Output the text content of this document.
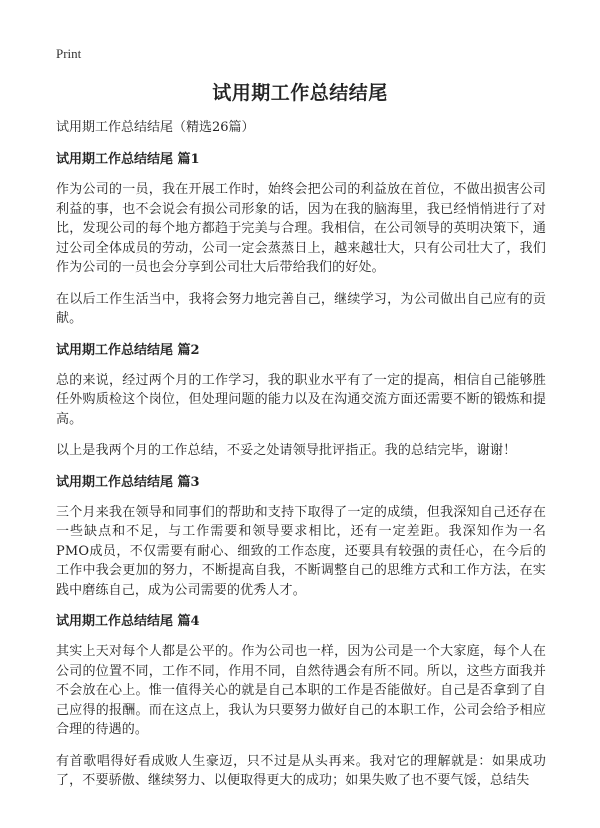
Print
试用期工作总结结尾

试用期工作总结结尾（精选26篇）

试用期工作总结结尾 篇1

作为公司的一员，我在开展工作时，始终会把公司的利益放在首位，不做出损害公司利益的事，也不会说会有损公司形象的话，因为在我的脑海里，我已经悄悄进行了对比，发现公司的每个地方都趋于完美与合理。我相信，在公司领导的英明决策下，通过公司全体成员的劳动，公司一定会蒸蒸日上，越来越壮大，只有公司壮大了，我们作为公司的一员也会分享到公司壮大后带给我们的好处。

在以后工作生活当中，我将会努力地完善自己，继续学习，为公司做出自己应有的贡献。

试用期工作总结结尾 篇2

总的来说，经过两个月的工作学习，我的职业水平有了一定的提高，相信自己能够胜任外购质检这个岗位，但处理问题的能力以及在沟通交流方面还需要不断的锻炼和提高。

以上是我两个月的工作总结，不妥之处请领导批评指正。我的总结完毕，谢谢！

试用期工作总结结尾 篇3

三个月来我在领导和同事们的帮助和支持下取得了一定的成绩，但我深知自己还存在一些缺点和不足，与工作需要和领导要求相比，还有一定差距。我深知作为一名PMO成员，不仅需要有耐心、细致的工作态度，还要具有较强的责任心，在今后的工作中我会更加的努力，不断提高自我，不断调整自己的思维方式和工作方法，在实践中磨练自己，成为公司需要的优秀人才。

试用期工作总结结尾 篇4

其实上天对每个人都是公平的。作为公司也一样，因为公司是一个大家庭，每个人在公司的位置不同，工作不同，作用不同，自然待遇会有所不同。所以，这些方面我并不会放在心上。惟一值得关心的就是自己本职的工作是否能做好。自己是否拿到了自己应得的报酬。而在这点上，我认为只要努力做好自己的本职工作，公司会给予相应合理的待遇的。

有首歌唱得好看成败人生豪迈，只不过是从头再来。我对它的理解就是：如果成功了，不要骄傲、继续努力、以便取得更大的成功；如果失败了也不要气馁，总结失
